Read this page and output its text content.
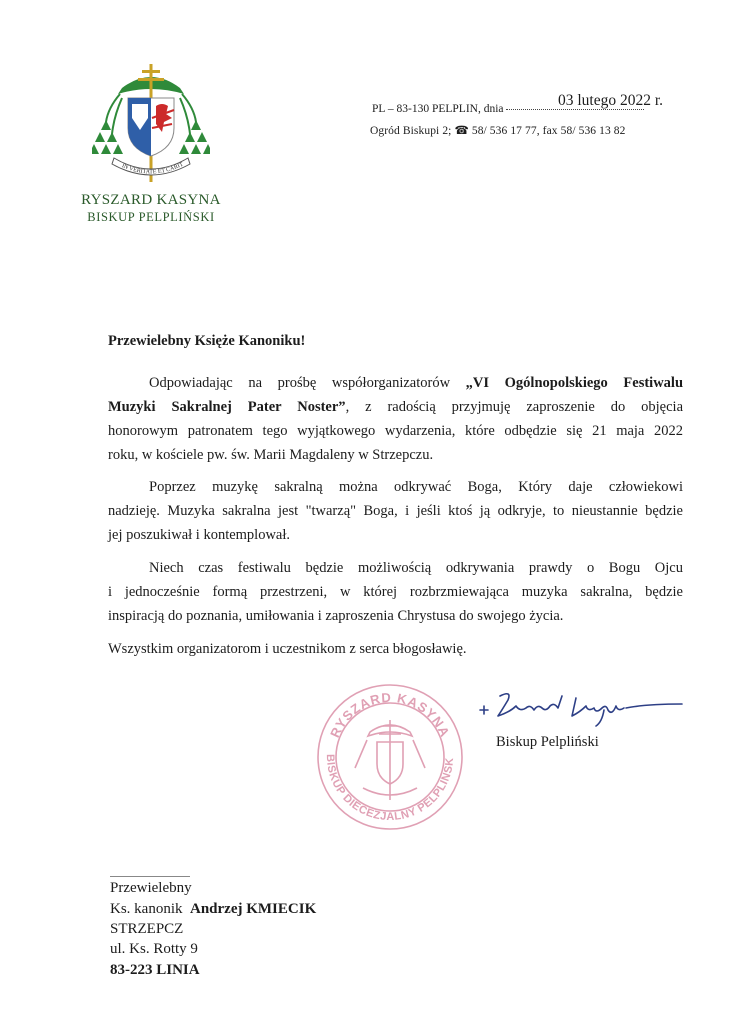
IN VERITATE ET CARIT
RYSZARD KASYNA
BISKUP PELPLIŃSKI
PL – 83-130 PELPLIN, dnia	03 lutego 2022 r.
Ogród Biskupi 2; ☎ 58/ 536 17 77, fax 58/ 536 13 82
Przewielebny Księże Kanoniku!
Odpowiadając na prośbę współorganizatorów „VI Ogólnopolskiego Festiwalu
Muzyki Sakralnej Pater Noster”, z radością przyjmuję zaproszenie do objęcia
honorowym patronatem tego wyjątkowego wydarzenia, które odbędzie się 21 maja 2022
roku, w kościele pw. św. Marii Magdaleny w Strzepczu.
Poprzez muzykę sakralną można odkrywać Boga, Który daje człowiekowi
nadzieję. Muzyka sakralna jest "twarzą" Boga, i jeśli ktoś ją odkryje, to nieustannie będzie
jej poszukiwał i kontemplował.
Niech czas festiwalu będzie możliwością odkrywania prawdy o Bogu Ojcu
i jednocześnie formą przestrzeni, w której rozbrzmiewająca muzyka sakralna, będzie
inspiracją do poznania, umiłowania i zaproszenia Chrystusa do swojego życia.
Wszystkim organizatorom i uczestnikom z serca błogosławię.
RYSZARD KASYNA
BISKUP DIECEZJALNY PELPLIŃSK
Biskup Pelpliński
Przewielebny
Ks. kanonik Andrzej KMIECIK
STRZEPCZ
ul. Ks. Rotty 9
83-223 LINIA
